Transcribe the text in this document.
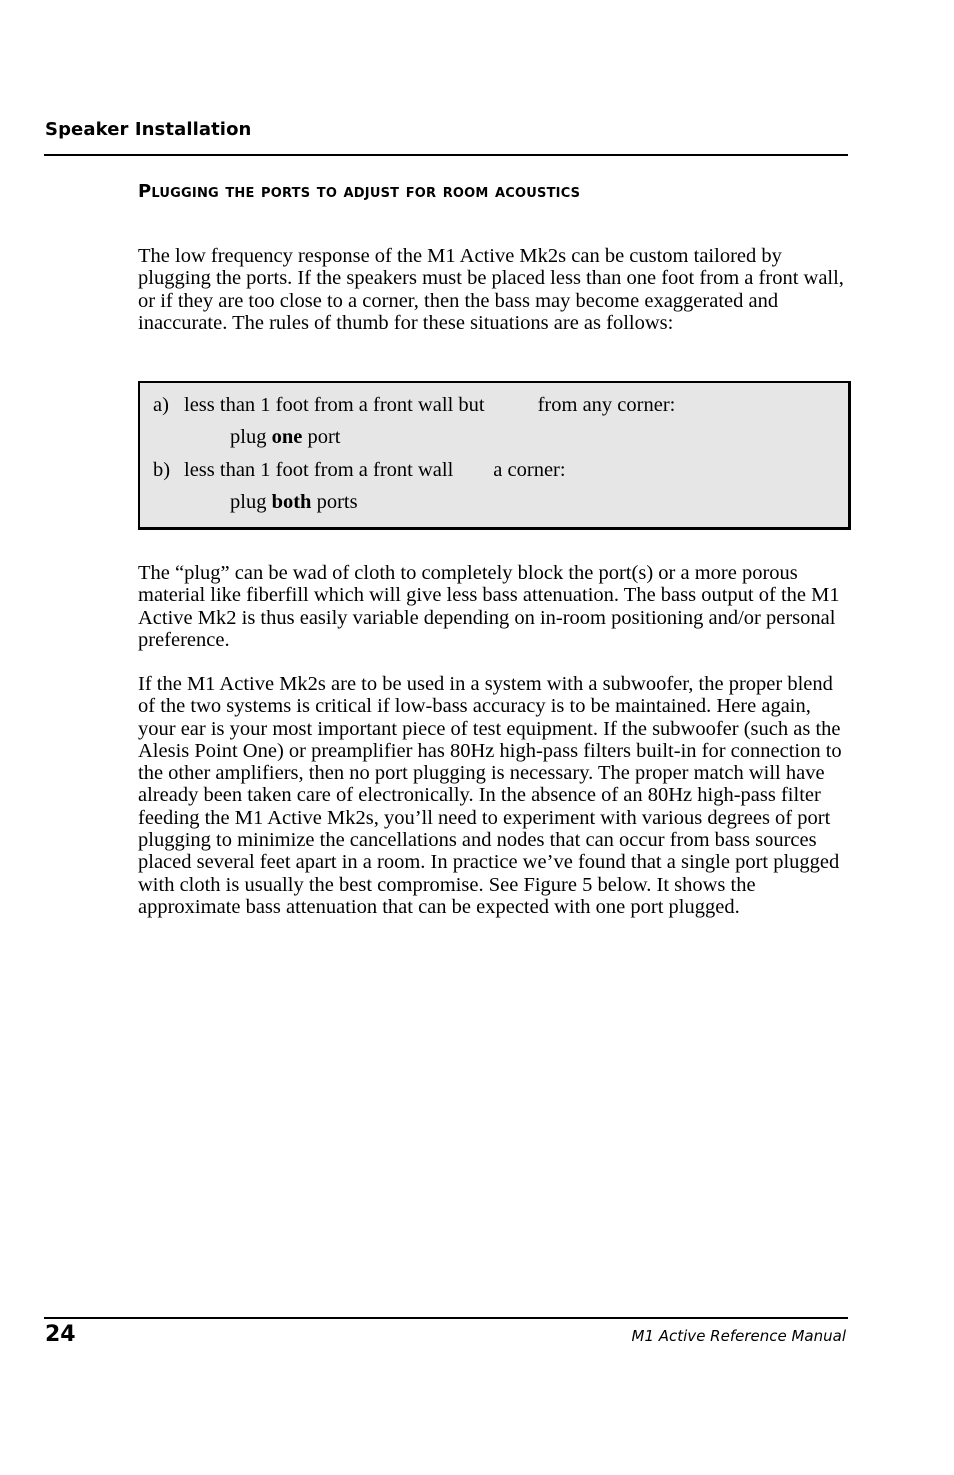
Speaker Installation
Plugging the ports to adjust for room acoustics

The low frequency response of the M1 Active Mk2s can be custom tailored by plugging the ports. If the speakers must be placed less than one foot from a front wall, or if they are too close to a corner, then the bass may become exaggerated and inaccurate. The rules of thumb for these situations are as follows:

a) less than 1 foot from a front wall but	from any corner:
plug one port
b) less than 1 foot from a front wall a corner:
plug both ports

The “plug” can be wad of cloth to completely block the port(s) or a more porous material like fiberfill which will give less bass attenuation. The bass output of the M1 Active Mk2 is thus easily variable depending on in-room positioning and/or personal preference.

If the M1 Active Mk2s are to be used in a system with a subwoofer, the proper blend of the two systems is critical if low-bass accuracy is to be maintained. Here again, your ear is your most important piece of test equipment. If the subwoofer (such as the Alesis Point One) or preamplifier has 80Hz high-pass filters built-in for connection to the other amplifiers, then no port plugging is necessary. The proper match will have already been taken care of electronically. In the absence of an 80Hz high-pass filter feeding the M1 Active Mk2s, you’ll need to experiment with various degrees of port plugging to minimize the cancellations and nodes that can occur from bass sources placed several feet apart in a room. In practice we’ve found that a single port plugged with cloth is usually the best compromise. See Figure 5 below. It shows the approximate bass attenuation that can be expected with one port plugged.

24	M1 Active Reference Manual
